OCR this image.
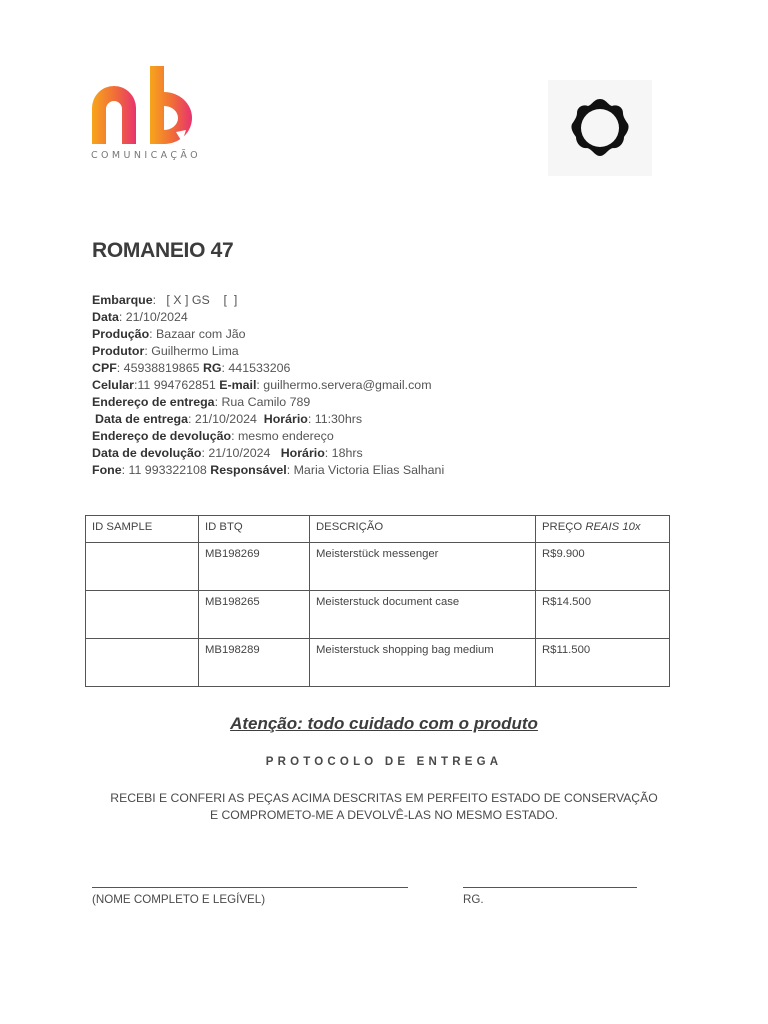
COMUNICAÇÃO
ROMANEIO 47
Embarque:   [ X ] GS    [  ]
Data: 21/10/2024
Produção: Bazaar com Jão
Produtor: Guilhermo Lima
CPF: 45938819865 RG: 441533206
Celular:11 994762851 E-mail: guilhermo.servera@gmail.com
Endereço de entrega: Rua Camilo 789
Data de entrega: 21/10/2024  Horário: 11:30hrs
Endereço de devolução: mesmo endereço
Data de devolução: 21/10/2024   Horário: 18hrs
Fone: 11 993322108 Responsável: Maria Victoria Elias Salhani
ID SAMPLE	ID BTQ	DESCRIÇÃO	PREÇO REAIS 10x
	MB198269	Meisterstück messenger	R$9.900
	MB198265	Meisterstuck document case	R$14.500
	MB198289	Meisterstuck shopping bag medium	R$11.500
Atenção: todo cuidado com o produto
PROTOCOLO DE ENTREGA
RECEBI E CONFERI AS PEÇAS ACIMA DESCRITAS EM PERFEITO ESTADO DE CONSERVAÇÃO E COMPROMETO-ME A DEVOLVÊ-LAS NO MESMO ESTADO.
(NOME COMPLETO E LEGÍVEL)	RG.
